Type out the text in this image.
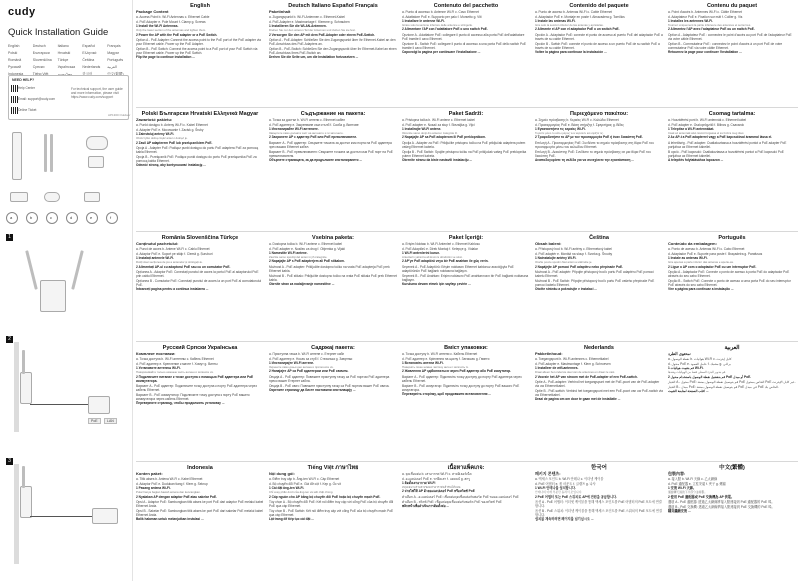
cudy
Quick Installation Guide
English	Deutsch	Italiano	Español	Français
Polski	Български	Hrvatski	Ελληνικά	Magyar
Română	Slovenščina	Türkçe	Čeština	Português
Русский	Српски	Українська	Nederlands	العربية
Indonesia	Tiếng Việt	ภาษาไทย	한국어	中文(繁體)
NEED HELP?
Help Center
Email: support@cudy.com
Online Ticket
For technical support, the user guide and more information, please visit https://www.cudy.com/support
AP1300 Outdoor
a	b	c	d	e	f
1
2
PoE	LAN
3
English
Package Content
a. Access Point b. Wi-Fi Antennas c. Ethernet Cable
d. PoE Adapter e. Pole Mount f. Clamp g. Screws
1 Install the Wi-Fi Antennas.
Only the lower section of the antennas and tighten them.
2 Power the AP with the PoE adapter or a PoE Switch.
Option A - PoE Adapter: Connect the access point to the PoE port of the PoE adapter via your Ethernet cable. Power up the PoE Adapter.
Option B - PoE Switch: Connect the access point to a PoE port of your PoE Switch via your Ethernet cable. Power up the PoE Switch.
Flip the page to continue installation ...
Deutsch Italiano Español Français
Paketinhalt
a. Zugangspunkt b. Wi-Fi-Antennen c. Ethernet-Kabel
d. PoE-Adapter e. Mastmontage f. Klemme g. Schrauben
1 Installieren Sie die WLAN-Antennen.
Drehen Sie nur den unteren Teil der Antennen und ziehen Sie sie fest.
2 Versorgen Sie den AP mit dem PoE-Adapter oder einem PoE-Switch.
Option A - PoE-Adapter: Schließen Sie den Zugangspunkt über Ihr Ethernet-Kabel an den PoE-Anschluss des PoE-Adapters an.
Option B - PoE-Switch: Schließen Sie den Zugangspunkt über Ihr Ethernet-Kabel an einen PoE-Anschluss Ihres PoE-Switch an.
Drehen Sie die Seite um, um die Installation fortzusetzen ...
Contenuto del pacchetto
a. Punto di accesso b. Antenne Wi-Fi c. Cavo Ethernet
d. Adattatore PoE e. Supporto per palo f. Morsetto g. Viti
1 Installare le antenne Wi-Fi.
Girare solo la sezione inferiore delle antenne e stringerle.
2 Alimentare l'AP con l'adattatore PoE o uno switch PoE.
Opzione A - Adattatore PoE: collegare il punto di accesso alla porta PoE dell'adattatore PoE tramite il cavo Ethernet.
Opzione B - Switch PoE: collegare il punto di accesso a una porta PoE dello switch PoE tramite il cavo Ethernet.
Capovolgi la pagina per continuare l'installazione ...
Contenido del paquete
a. Punto de acceso b. Antenas Wi-Fi c. Cable Ethernet
d. Adaptador PoE e. Montaje en poste f. Abrazadera g. Tornillos
1 Instale las antenas Wi-Fi.
Gire solo la sección inferior de las antenas y apriételas.
2 Alimente el AP con el adaptador PoE o un switch PoE.
Opción A - Adaptador PoE: conecte el punto de acceso al puerto PoE del adaptador PoE a través de su cable Ethernet.
Opción B - Switch PoE: conecte el punto de acceso a un puerto PoE de su switch PoE a través de su cable Ethernet.
Voltee la página para continuar la instalación ...
Contenu du paquet
a. Point d'accès b. Antennes Wi-Fi c. Câble Ethernet
d. Adaptateur PoE e. Fixation sur mât f. Collier g. Vis
1 Installez les antennes Wi-Fi.
Tournez uniquement la partie inférieure des antennes et serrez-les.
2 Alimentez l'AP avec l'adaptateur PoE ou un switch PoE.
Option A - Adaptateur PoE : connectez le point d'accès au port PoE de l'adaptateur PoE via votre câble Ethernet.
Option B - Commutateur PoE : connectez le point d'accès à un port PoE de votre commutateur PoE via votre câble Ethernet.
Retournez la page pour continuer l'installation ...
Polski Български Hrvatski Ελληνικά Magyar
Zawartość pakietu:
a. Punkt dostępu b. Anteny Wi-Fi c. Kabel Ethernet
d. Adapter PoE e. Mocowanie f. Zacisk g. Śruby
1 Zainstaluj anteny Wi-Fi.
Obróć tylko dolną część anten i dokręć je.
2 Zasil AP adapterem PoE lub przełącznikiem PoE.
Opcja A - Adapter PoE: Podłącz punkt dostępu do portu PoE adaptera PoE za pomocą kabla Ethernet.
Opcja B - Przełącznik PoE: Podłącz punkt dostępu do portu PoE przełącznika PoE za pomocą kabla Ethernet.
Odwróć stronę, aby kontynuować instalację ...
Съдържание на пакета:
a. Точка за достъп b. Wi-Fi антени c. Ethernet кабел
d. PoE адаптер e. Закрепване към стълб f. Скоба g. Винтове
1 Инсталирайте Wi-Fi антените.
Завъртете само долната част на антените и ги затегнете.
2 Захранете AP с адаптер PoE или PoE превключвател.
Вариант A - PoE адаптер: Свържете точката за достъп към порта на PoE адаптера чрез вашия Ethernet кабел.
Вариант B - PoE превключвател: Свържете точката за достъп към PoE порт на PoE превключвателя.
Обърнете страницата, за да продължите инсталирането ...
Paket Sadrži:
a. Pristupna točka b. Wi-Fi antene c. Ethernet kabel
d. PoE adapter e. Nosač za stup f. Stezaljka g. Vijci
1 Instalirajte Wi-Fi antene.
Okrenite samo donji dio antena i zategnite ih.
2 Napajajte AP sa PoE adapterom ili PoE preklopnikom.
Opcija A - Adapter za PoE: Priključite pristupnu točku na PoE priključak adaptera putem vašeg Ethernet kabela.
Opcija B - PoE Switch: Spojite pristupnu točku na PoE priključak vašeg PoE preklopnika putem Ethernet kabela.
Okrenite stranu da biste nastavili instalaciju ...
Περιεχόμενο πακέτου:
a. Σημείο πρόσβασης b. Κεραίες Wi-Fi c. Καλώδιο Ethernet
d. Προσαρμογέας PoE e. Βάση στήριξης f. Σφιγκτήρας g. Βίδες
1 Εγκαταστήστε τις κεραίες Wi-Fi.
Γυρίστε μόνο το κάτω μέρος των κεραιών και σφίξτε τις.
2 Τροφοδοτήστε το AP με τον προσαρμογέα PoE ή έναν διακόπτη PoE.
Επιλογή Α - Προσαρμογέας PoE: Συνδέστε το σημείο πρόσβασης στη θύρα PoE του προσαρμογέα μέσω του καλωδίου Ethernet.
Επιλογή Β - Διακόπτης PoE: Συνδέστε το σημείο πρόσβασης σε μια θύρα PoE του διακόπτη PoE.
Αναποδογυρίστε τη σελίδα για να συνεχίσετε την εγκατάσταση ...
Csomag tartalma:
a. Hozzáférési pont b. Wi-Fi antennák c. Ethernet kábel
d. PoE adapter e. Oszloprögzítő f. Bilincs g. Csavarok
1 Telepítse a Wi-Fi antennákat.
Csak az antennák alsó részét forgassa el és húzza meg őket.
2 Az AP-t a PoE adapterrel vagy a PoE kapcsolóval árammal lássa el.
A lehetőség - PoE adapter: Csatlakoztassa a hozzáférési pontot a PoE adapter PoE portjához az Ethernet kábellel.
B opció - PoE kapcsoló: Csatlakoztassa a hozzáférési pontot a PoE kapcsoló PoE portjához az Ethernet kábellel.
A telepítés folytatásához lapozzon ...
România Slovenščina Türkçe
Conținutul pachetului:
a. Punct de acces b. Antene Wi-Fi c. Cablu Ethernet
d. Adaptor PoE e. Suport pe stâlp f. Clemă g. Șuruburi
1 Instalați antenele Wi-Fi.
Rotiți doar secțiunea de jos a antenelor și strângeți-le.
2 Alimentați AP-ul cu adaptorul PoE sau cu un comutator PoE.
Opțiunea A - Adaptor PoE: Conectați punctul de acces la portul PoE al adaptorului PoE prin cablul Ethernet.
Opțiunea B - Comutator PoE: Conectați punctul de acces la un port PoE al comutatorului PoE.
Întoarceți pagina pentru a continua instalarea ...
Vsebina paketa:
a. Dostopna točka b. Wi-Fi antene c. Ethernet kabel
d. PoE adapter e. Nosilec za drog f. Objemka g. Vijaki
1 Namestite Wi-Fi antene.
Zavrtite samo spodnji del anten in jih zategnite.
2 Napajajte AP s PoE adapterjem ali PoE stikalom.
Možnost A - PoE adapter: Priključite dostopno točko na vrata PoE adapterja PoE prek Ethernet kabla.
Možnost B - PoE stikalo: Priključite dostopno točko na vrata PoE stikala PoE prek Ethernet kabla.
Obrnite stran za nadaljevanje namestitve ...
Paket İçeriği:
a. Erişim Noktası b. Wi-Fi Antenleri c. Ethernet Kablosu
d. PoE Adaptörü e. Direk Montajı f. Kelepçe g. Vidalar
1 Wi-Fi antenlerini kurun.
Antenlerin yalnızca alt kısmını döndürün ve sıkın.
2 AP'ye PoE adaptörü veya bir PoE anahtarı ile güç verin.
Seçenek A - PoE Adaptörü: Erişim noktasını Ethernet kablonuz aracılığıyla PoE adaptörünün PoE bağlantı noktasına bağlayın.
Seçenek B - PoE Anahtarı: Erişim noktasını PoE anahtarınızın bir PoE bağlantı noktasına bağlayın.
Kuruluma devam etmek için sayfayı çevirin ...
Čeština
Obsah balení:
a. Přístupový bod b. Wi-Fi antény c. Ethernetový kabel
d. PoE adaptér e. Montáž na sloup f. Svorka g. Šrouby
1 Nainstalujte antény Wi-Fi.
Otočte pouze spodní část antén a utáhněte je.
2 Napájejte AP pomocí PoE adaptéru nebo přepínače PoE.
Možnost A - PoE adaptér: Připojte přístupový bod k portu PoE adaptéru PoE pomocí kabelu Ethernet.
Možnost B - PoE Switch: Připojte přístupový bod k portu PoE vašeho přepínače PoE pomocí kabelu Ethernet.
Otočte stránku a pokračujte v instalaci ...
Português
Conteúdo da embalagem:
a. Ponto de acesso b. Antenas Wi-Fi c. Cabo Ethernet
d. Adaptador PoE e. Suporte para poste f. Braçadeira g. Parafusos
1 Instale as antenas Wi-Fi.
Gire apenas a parte inferior das antenas e aperte-as.
2 Ligue o AP com o adaptador PoE ou um interruptor PoE.
Opção A - Adaptador PoE: Conecte o ponto de acesso à porta PoE do adaptador PoE através do seu cabo Ethernet.
Opção B - Switch PoE: Conecte o ponto de acesso a uma porta PoE do seu interruptor PoE através do seu cabo Ethernet.
Vire a página para continuar a instalação ...
Русский Српски Українська
Комплект поставки:
a. Точка доступа b. Wi-Fi антенны c. Кабель Ethernet
d. PoE адаптер e. Крепление к мачте f. Хомут g. Винты
1 Установите антенны Wi-Fi.
Поворачивайте только нижнюю часть антенн и затяните их.
2 Подключите питание к точке доступа с помощью PoE адаптера или PoE коммутатора.
Вариант A - PoE адаптер: Подключите точку доступа к порту PoE адаптера через кабель Ethernet.
Вариант B - PoE коммутатор: Подключите точку доступа к порту PoE вашего коммутатора через кабель Ethernet.
Переверните страницу, чтобы продолжить установку ...
Садржај пакета:
a. Приступна тачка b. Wi-Fi антене c. Етернет кабл
d. PoE адаптер e. Носач за стуб f. Стезаљка g. Завртњи
1 Инсталирајте Wi-Fi антене.
Окрените само доњи део антена и притегните их.
2 Напајајте AP са PoE адаптером или PoE свичем.
Опција A - PoE адаптер: Повежите приступну тачку са PoE портом PoE адаптера преко вашег Етернет кабла.
Опција B - PoE свич: Повежите приступну тачку са PoE портом вашег PoE свича.
Окрените страницу да бисте наставили инсталацију ...
Вміст упаковки:
a. Точка доступу b. Wi-Fi антени c. Кабель Ethernet
d. PoE адаптер e. Кріплення на щоглу f. Затискач g. Гвинти
1 Встановіть антени Wi-Fi.
Поверніть лише нижню частину антен і затягніть їх.
2 Живлення AP здійснюється через PoE адаптер або PoE комутатор.
Варіант A - PoE адаптер: Підключіть точку доступу до порту PoE адаптера через кабель Ethernet.
Варіант B - PoE комутатор: Підключіть точку доступу до порту PoE вашого PoE комутатора.
Переверніть сторінку, щоб продовжити встановлення ...
Nederlands
Pakketinhoud:
a. Toegangspunt b. Wi-Fi-antennes c. Ethernetkabel
d. PoE-adapter e. Mastmontage f. Klem g. Schroeven
1 Installeer de wifi-antennes.
Draai alleen het onderste deel van de antennes en draai ze vast.
2 Voorzie het AP van stroom met de PoE-adapter of een PoE-switch.
Optie A - PoE-adapter: Verbind het toegangspunt met de PoE-poort van de PoE-adapter via uw Ethernetkabel.
Optie B - PoE-switch: Verbind het toegangspunt met een PoE-poort van uw PoE-switch via uw Ethernetkabel.
Draai de pagina om om door te gaan met de installatie ...
العربية
محتوى الطرد:
a. نقطة الوصول b. هوائيات Wi-Fi c. كابل إيثرنت
d. محول PoE e. حامل العمود f. مشبك g. براغي
1 قم بتثبيت هوائيات Wi-Fi.
قم بتدوير الجزء السفلي فقط من الهوائيات وشدها.
2 قم بتشغيل نقطة الوصول باستخدام محول PoE أو مبدل PoE.
الخيار A - محول PoE: قم بتوصيل نقطة الوصول بمنفذ PoE الخاص بمحول PoE عبر كابل الإيثرنت.
الخيار B - مبدل PoE: قم بتوصيل نقطة الوصول بمنفذ PoE في مبدل PoE الخاص بك.
اقلب الصفحة لمتابعة التثبيت ...
Indonesia
Konten paket:
a. Titik akses b. Antena Wi-Fi c. Kabel Ethernet
d. Adaptor PoE e. Dudukan tiang f. Klem g. Sekrup
1 Pasang antena Wi-Fi.
Putar hanya bagian bawah antena dan kencangkan.
2 Nyalakan AP dengan adaptor PoE atau sakelar PoE.
Opsi A - Adaptor PoE: Sambungkan titik akses ke port PoE dari adaptor PoE melalui kabel Ethernet Anda.
Opsi B - Sakelar PoE: Sambungkan titik akses ke port PoE dari sakelar PoE melalui kabel Ethernet Anda.
Balik halaman untuk melanjutkan instalasi ...
Tiếng Việt ภาษาไทย
Nội dung gói:
a. Điểm truy cập b. Ăng-ten Wi-Fi c. Cáp Ethernet
d. Bộ chuyển đổi PoE e. Giá đỡ cột f. Kẹp g. Ốc vít
1 Cài đặt ăng-ten Wi-Fi.
Chỉ xoay phần dưới của ăng-ten và siết chặt chúng.
2 Cấp nguồn cho AP bằng bộ chuyển đổi PoE hoặc bộ chuyển mạch PoE.
Tùy chọn A - Bộ chuyển đổi PoE: Kết nối điểm truy cập với cổng PoE của bộ chuyển đổi PoE qua cáp Ethernet.
Tùy chọn B - PoE Switch: Kết nối điểm truy cập với cổng PoE của bộ chuyển mạch PoE qua cáp Ethernet.
Lật trang để tiếp tục cài đặt ...
เนื้อหาแพ็คเกจ:
a. จุดเชื่อมต่อ b. เสาอากาศ Wi-Fi c. สายอีเธอร์เน็ต
d. อะแดปเตอร์ PoE e. ขายึดเสา f. แคลมป์ g. สกรู
1 ติดตั้งเสาอากาศ Wi-Fi
หมุนเฉพาะส่วนล่างของเสาอากาศแล้วขันให้แน่น
2 จ่ายไฟให้ AP ด้วยอะแดปเตอร์ PoE หรือสวิตช์ PoE
ตัวเลือก A - อะแดปเตอร์ PoE: เชื่อมต่อจุดเชื่อมต่อกับพอร์ต PoE ของอะแดปเตอร์ PoE
ตัวเลือก B - สวิตช์ PoE: เชื่อมต่อจุดเชื่อมต่อกับพอร์ต PoE ของสวิตช์ PoE
พลิกหน้าเพื่อดำเนินการติดตั้งต่อ ...
한국어
패키지 콘텐츠:
a. 액세스 포인트 b. Wi-Fi 안테나 c. 이더넷 케이블
d. PoE 어댑터 e. 폴 마운트 f. 클램프 g. 나사
1 Wi-Fi 안테나를 설치합니다.
안테나의 아래 부분만 돌려서 조입니다.
2 PoE 어댑터 또는 PoE 스위치로 AP에 전원을 공급합니다.
옵션 A - PoE 어댑터: 이더넷 케이블을 통해 액세스 포인트를 PoE 어댑터의 PoE 포트에 연결합니다.
옵션 B - PoE 스위치: 이더넷 케이블을 통해 액세스 포인트를 PoE 스위치의 PoE 포트에 연결합니다.
설치를 계속하려면 페이지를 넘기십시오 ...
中文(繁體)
包裝內容:
a. 接入點 b. Wi-Fi 天線 c. 乙太網線
d. PoE 適配器 e. 立柱安裝 f. 夾子 g. 螺絲
1 安裝 Wi-Fi 天線。
僅旋轉天線的下半部分並擰緊。
2 使用 PoE 適配器或 PoE 交換機為 AP 供電。
選項 A - PoE 適配器: 透過乙太網線將接入點連接到 PoE 適配器的 PoE 埠。
選項 B - PoE 交換機: 透過乙太網線將接入點連接到 PoE 交換機的 PoE 埠。
翻頁繼續安裝 ...
